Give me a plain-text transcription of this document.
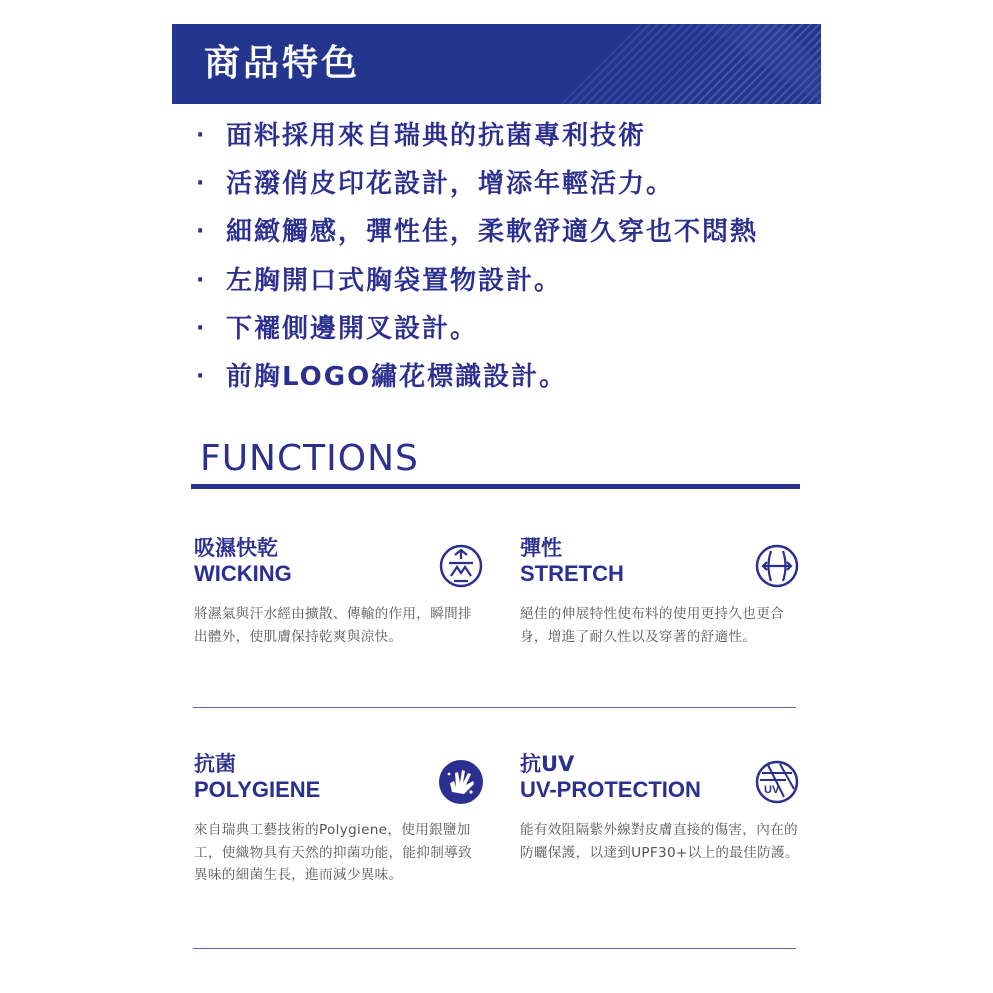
商品特色
· 面料採用來自瑞典的抗菌專利技術
· 活潑俏皮印花設計，增添年輕活力。
· 細緻觸感，彈性佳，柔軟舒適久穿也不悶熱
· 左胸開口式胸袋置物設計。
· 下襬側邊開叉設計。
· 前胸LOGO繡花標識設計。
FUNCTIONS
吸濕快乾
WICKING
將濕氣與汗水經由擴散、傳輸的作用，瞬間排出體外，使肌膚保持乾爽與涼快。
彈性
STRETCH
絕佳的伸展特性使布料的使用更持久也更合身，增進了耐久性以及穿著的舒適性。
抗菌
POLYGIENE
來自瑞典工藝技術的Polygiene，使用銀鹽加工，使織物具有天然的抑菌功能，能抑制導致異味的細菌生長，進而減少異味。
抗UV
UV-PROTECTION	UV
能有效阻隔紫外線對皮膚直接的傷害，內在的防曬保護，以達到UPF30+以上的最佳防護。
